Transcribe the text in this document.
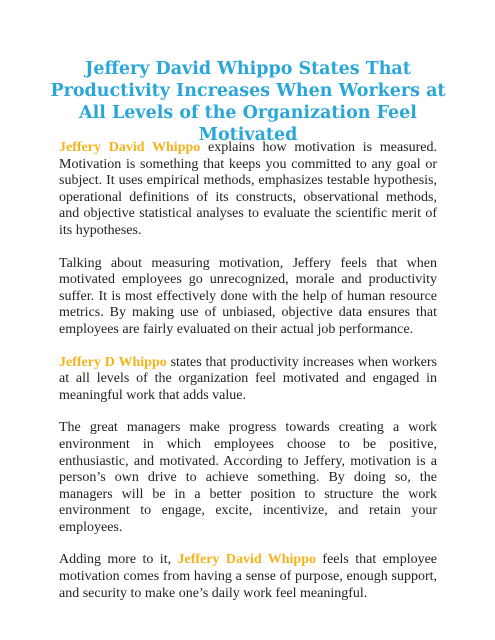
Jeffery David Whippo States That Productivity Increases When Workers at All Levels of the Organization Feel Motivated

Jeffery David Whippo explains how motivation is measured. Motivation is something that keeps you committed to any goal or subject. It uses empirical methods, emphasizes testable hypothesis, operational definitions of its constructs, observational methods, and objective statistical analyses to evaluate the scientific merit of its hypotheses.

Talking about measuring motivation, Jeffery feels that when motivated employees go unrecognized, morale and productivity suffer. It is most effectively done with the help of human resource metrics. By making use of unbiased, objective data ensures that employees are fairly evaluated on their actual job performance.

Jeffery D Whippo states that productivity increases when workers at all levels of the organization feel motivated and engaged in meaningful work that adds value.

The great managers make progress towards creating a work environment in which employees choose to be positive, enthusiastic, and motivated. According to Jeffery, motivation is a person’s own drive to achieve something. By doing so, the managers will be in a better position to structure the work environment to engage, excite, incentivize, and retain your employees.

Adding more to it, Jeffery David Whippo feels that employee motivation comes from having a sense of purpose, enough support, and security to make one’s daily work feel meaningful.
